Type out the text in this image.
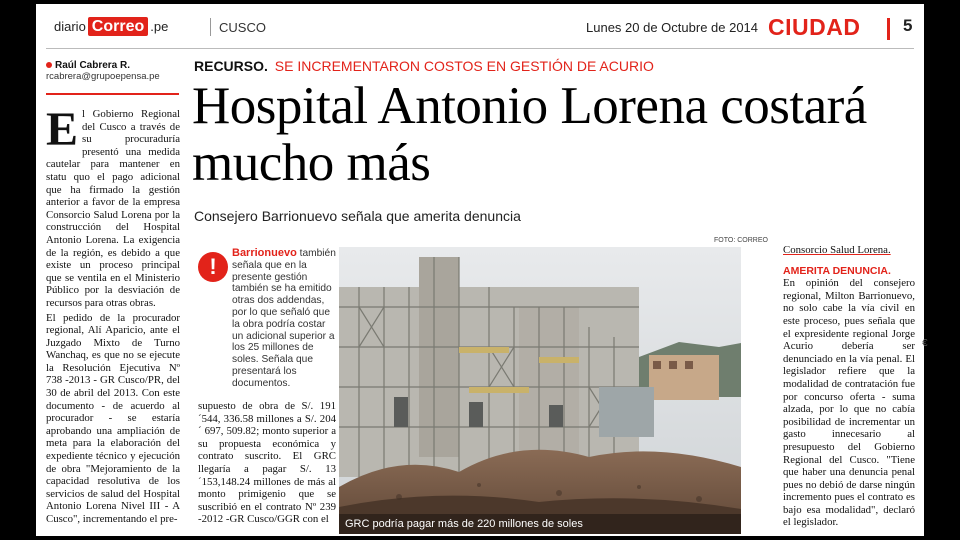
diario Correo .pe	CUSCO	Lunes 20 de Octubre de 2014 CIUDAD	5
Raúl Cabrera R.
rcabrera@grupoepensa.pe
RECURSO. SE INCREMENTARON COSTOS EN GESTIÓN DE ACURIO
Hospital Antonio Lorena costará mucho más
Consejero Barrionuevo señala que amerita denuncia
E l Gobierno Regional del Cusco a través de su procuraduría presentó una medida cautelar para mantener en statu quo el pago adicional que ha firmado la gestión anterior a favor de la empresa Consorcio Salud Lorena por la construcción del Hospital Antonio Lorena. La exigencia de la región, es debido a que existe un proceso principal que se ventila en el Ministerio Público por la desviación de recursos para otras obras.

El pedido de la procurador regional, Alí Aparicio, ante el Juzgado Mixto de Turno Wanchaq, es que no se ejecute la Resolución Ejecutiva Nº 738 -2013 - GR Cusco/PR, del 30 de abril del 2013. Con este documento - de acuerdo al procurador - se estaría aprobando una ampliación de meta para la elaboración del expediente técnico y ejecución de obra "Mejoramiento de la capacidad resolutiva de los servicios de salud del Hospital Antonio Lorena Nivel III - A Cusco", incrementando el pre-

!
Barrionuevo también señala que en la presente gestión también se ha emitido otras dos addendas, por lo que señaló que la obra podría costar un adicional superior a los 25 millones de soles. Señala que presentará los documentos.

supuesto de obra de S/. 191´544, 336.58 millones a S/. 204´ 697, 509.82; monto superior a su propuesta económica y contrato suscrito. El GRC llegaría a pagar S/. 13´153,148.24 millones de más al monto primigenio que se suscribió en el contrato Nº 239 -2012 -GR Cusco/GGR con el

FOTO: CORREO
GRC podría pagar más de 220 millones de soles

Consorcio Salud Lorena.

AMERITA DENUNCIA.

En opinión del consejero regional, Milton Barrionuevo, no solo cabe la vía civil en este proceso, pues señala que el expresidente regional Jorge Acurio debería ser denunciado en la vía penal. El legislador refiere que la modalidad de contratación fue por concurso oferta - suma alzada, por lo que no cabía posibilidad de incrementar un gasto innecesario al presupuesto del Gobierno Regional del Cusco. "Tiene que haber una denuncia penal pues no debió de darse ningún incremento pues el contrato es bajo esa modalidad", declaró el legislador.

€
